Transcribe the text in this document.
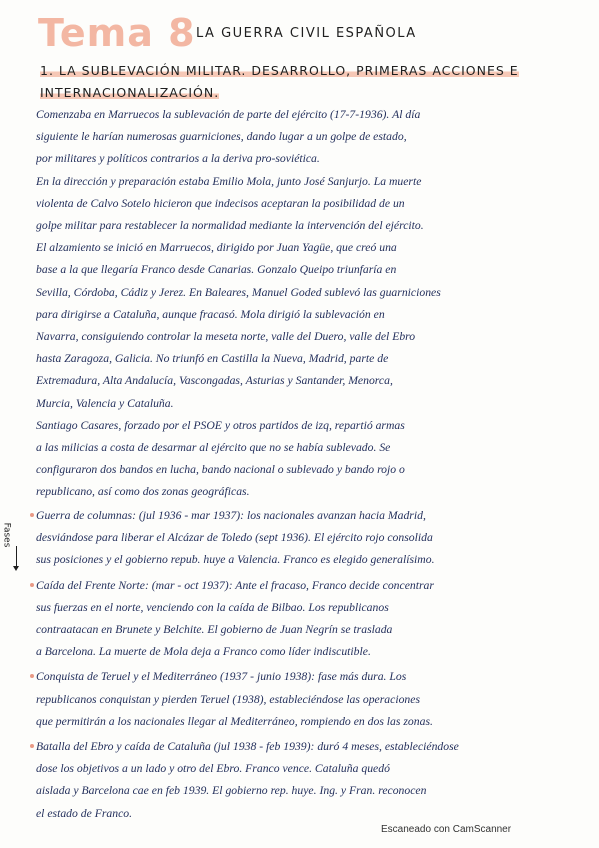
Tema 8 LA GUERRA CIVIL ESPAÑOLA
1. LA SUBLEVACIÓN MILITAR. DESARROLLO, PRIMERAS ACCIONES E
INTERNACIONALIZACIÓN.

Comenzaba en Marruecos la sublevación de parte del ejército (17-7-1936). Al día

siguiente le harían numerosas guarniciones, dando lugar a un golpe de estado,

por militares y políticos contrarios a la deriva pro-soviética.

En la dirección y preparación estaba Emilio Mola, junto José Sanjurjo. La muerte

violenta de Calvo Sotelo hicieron que indecisos aceptaran la posibilidad de un

golpe militar para restablecer la normalidad mediante la intervención del ejército.

El alzamiento se inició en Marruecos, dirigido por Juan Yagüe, que creó una

base a la que llegaría Franco desde Canarias. Gonzalo Queipo triunfaría en

Sevilla, Córdoba, Cádiz y Jerez. En Baleares, Manuel Goded sublevó las guarniciones

para dirigirse a Cataluña, aunque fracasó. Mola dirigió la sublevación en

Navarra, consiguiendo controlar la meseta norte, valle del Duero, valle del Ebro

hasta Zaragoza, Galicia. No triunfó en Castilla la Nueva, Madrid, parte de

Extremadura, Alta Andalucía, Vascongadas, Asturias y Santander, Menorca,

Murcia, Valencia y Cataluña.

Santiago Casares, forzado por el PSOE y otros partidos de izq, repartió armas

a las milicias a costa de desarmar al ejército que no se había sublevado. Se

configuraron dos bandos en lucha, bando nacional o sublevado y bando rojo o

republicano, así como dos zonas geográficas.

Fases

Guerra de columnas: (jul 1936 - mar 1937): los nacionales avanzan hacia Madrid,

desviándose para liberar el Alcázar de Toledo (sept 1936). El ejército rojo consolida

sus posiciones y el gobierno repub. huye a Valencia. Franco es elegido generalísimo.

Caída del Frente Norte: (mar - oct 1937): Ante el fracaso, Franco decide concentrar

sus fuerzas en el norte, venciendo con la caída de Bilbao. Los republicanos

contraatacan en Brunete y Belchite. El gobierno de Juan Negrín se traslada

a Barcelona. La muerte de Mola deja a Franco como líder indiscutible.

Conquista de Teruel y el Mediterráneo (1937 - junio 1938): fase más dura. Los

republicanos conquistan y pierden Teruel (1938), estableciéndose las operaciones

que permitirán a los nacionales llegar al Mediterráneo, rompiendo en dos las zonas.

Batalla del Ebro y caída de Cataluña (jul 1938 - feb 1939): duró 4 meses, estableciéndose

dose los objetivos a un lado y otro del Ebro. Franco vence. Cataluña quedó

aislada y Barcelona cae en feb 1939. El gobierno rep. huye. Ing. y Fran. reconocen

el estado de Franco.

Escaneado con CamScanner
